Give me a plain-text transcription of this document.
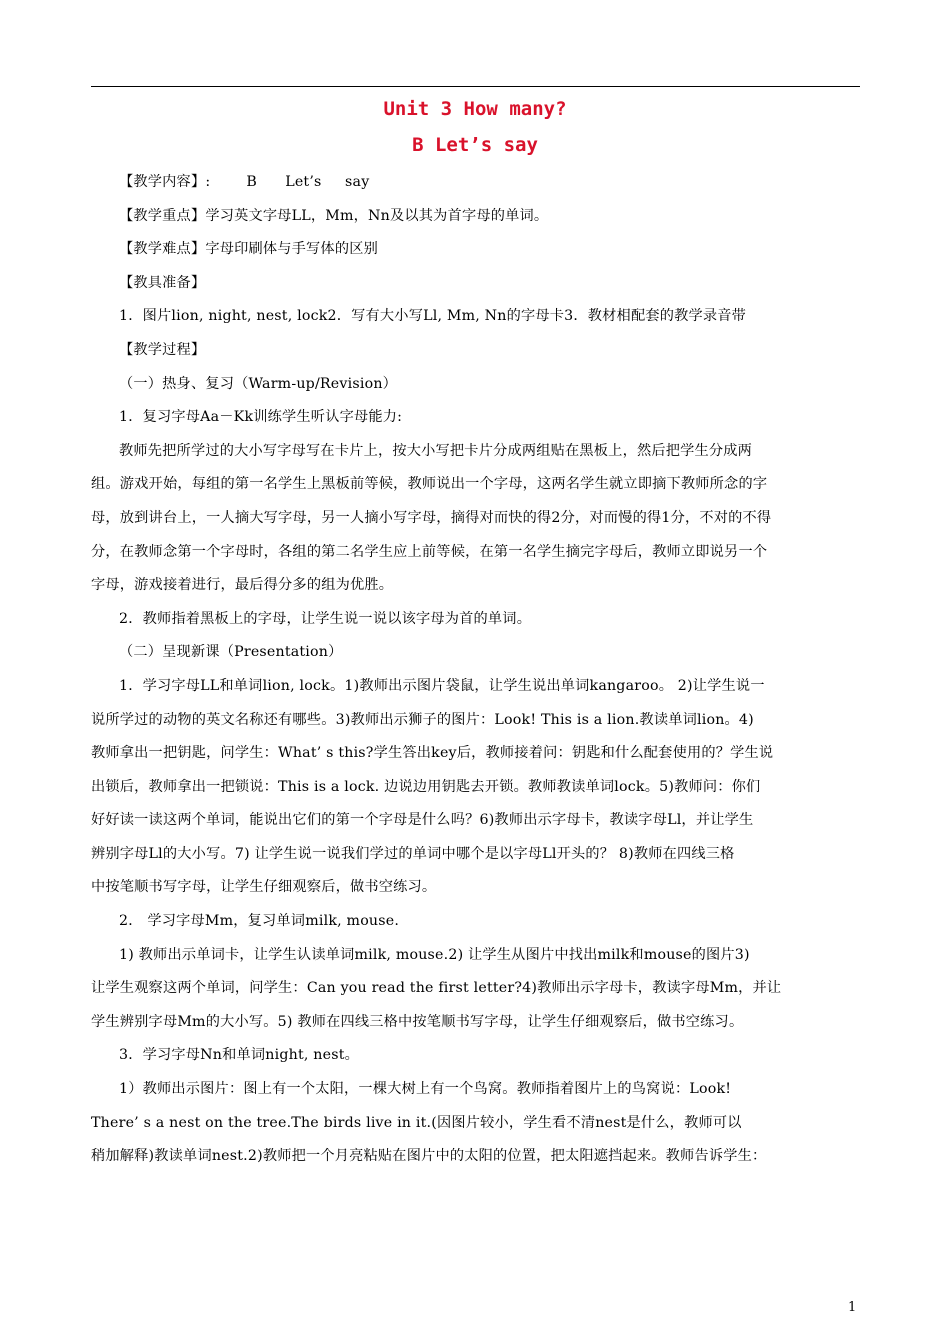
Unit 3 How many?
B Let’s say

【教学内容】:	B      Let’s     say

【教学重点】学习英文字母LL，Mm，Nn及以其为首字母的单词。

【教学难点】字母印刷体与手写体的区别

【教具准备】

1．图片lion, night, nest, lock2．写有大小写Ll, Mm, Nn的字母卡3．教材相配套的教学录音带

【教学过程】

（一）热身、复习（Warm-up/Revision）

1．复习字母Aa－Kk训练学生听认字母能力:

教师先把所学过的大小写字母写在卡片上，按大小写把卡片分成两组贴在黑板上，然后把学生分成两

组。游戏开始，每组的第一名学生上黑板前等候，教师说出一个字母，这两名学生就立即摘下教师所念的字

母，放到讲台上，一人摘大写字母，另一人摘小写字母，摘得对而快的得2分，对而慢的得1分，不对的不得

分，在教师念第一个字母时，各组的第二名学生应上前等候，在第一名学生摘完字母后，教师立即说另一个

字母，游戏接着进行，最后得分多的组为优胜。

2．教师指着黑板上的字母，让学生说一说以该字母为首的单词。

（二）呈现新课（Presentation）

1．学习字母LL和单词lion, lock。1)教师出示图片袋鼠，让学生说出单词kangaroo。 2)让学生说一

说所学过的动物的英文名称还有哪些。3)教师出示狮子的图片：Look! This is a lion.教读单词lion。4)

教师拿出一把钥匙，问学生：What’ s this?学生答出key后，教师接着问：钥匙和什么配套使用的？学生说

出锁后，教师拿出一把锁说：This is a lock. 边说边用钥匙去开锁。教师教读单词lock。5)教师问：你们

好好读一读这两个单词，能说出它们的第一个字母是什么吗？6)教师出示字母卡，教读字母Ll，并让学生

辨别字母Ll的大小写。7) 让学生说一说我们学过的单词中哪个是以字母Ll开头的？ 8)教师在四线三格

中按笔顺书写字母，让学生仔细观察后，做书空练习。

2． 学习字母Mm，复习单词milk, mouse.

1) 教师出示单词卡，让学生认读单词milk, mouse.2) 让学生从图片中找出milk和mouse的图片3)

让学生观察这两个单词，问学生：Can you read the first letter?4)教师出示字母卡，教读字母Mm，并让

学生辨别字母Mm的大小写。5) 教师在四线三格中按笔顺书写字母，让学生仔细观察后，做书空练习。

3．学习字母Nn和单词night, nest。

1）教师出示图片：图上有一个太阳，一棵大树上有一个鸟窝。教师指着图片上的鸟窝说：Look!

There’ s a nest on the tree.The birds live in it.(因图片较小，学生看不清nest是什么，教师可以

稍加解释)教读单词nest.2)教师把一个月亮粘贴在图片中的太阳的位置，把太阳遮挡起来。教师告诉学生：

1
